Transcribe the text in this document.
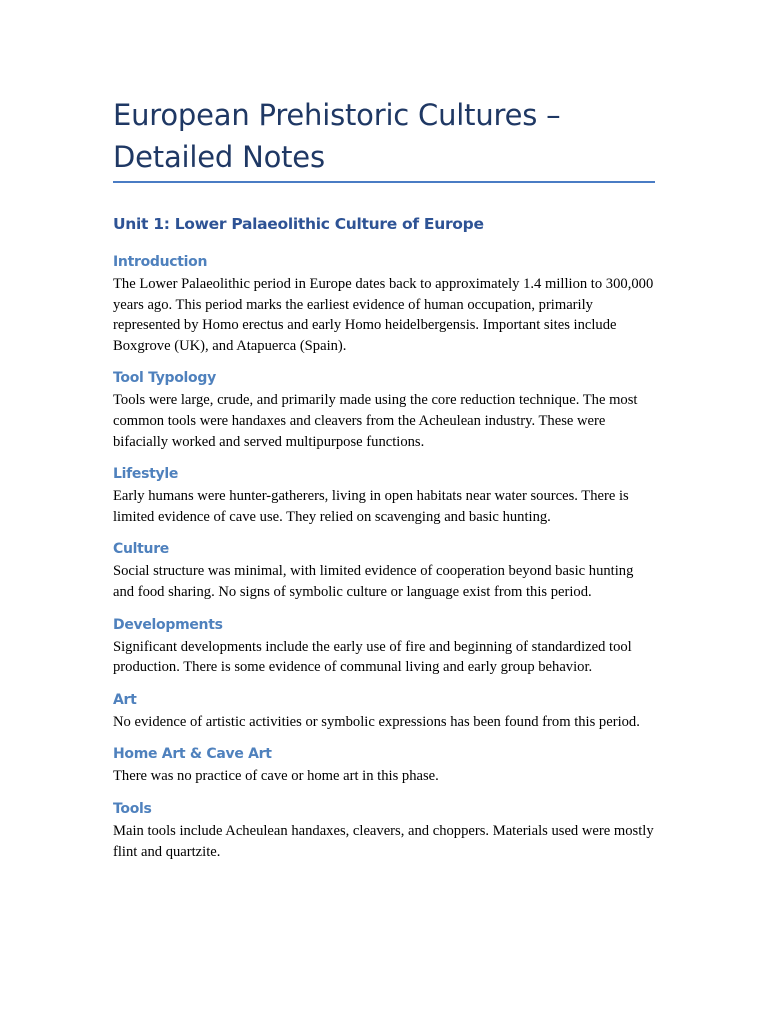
European Prehistoric Cultures –
Detailed Notes
Unit 1: Lower Palaeolithic Culture of Europe
Introduction

The Lower Palaeolithic period in Europe dates back to approximately 1.4 million to 300,000 years ago. This period marks the earliest evidence of human occupation, primarily represented by Homo erectus and early Homo heidelbergensis. Important sites include Boxgrove (UK), and Atapuerca (Spain).

Tool Typology

Tools were large, crude, and primarily made using the core reduction technique. The most common tools were handaxes and cleavers from the Acheulean industry. These were bifacially worked and served multipurpose functions.

Lifestyle

Early humans were hunter-gatherers, living in open habitats near water sources. There is limited evidence of cave use. They relied on scavenging and basic hunting.

Culture

Social structure was minimal, with limited evidence of cooperation beyond basic hunting and food sharing. No signs of symbolic culture or language exist from this period.

Developments

Significant developments include the early use of fire and beginning of standardized tool production. There is some evidence of communal living and early group behavior.

Art

No evidence of artistic activities or symbolic expressions has been found from this period.

Home Art & Cave Art

There was no practice of cave or home art in this phase.

Tools

Main tools include Acheulean handaxes, cleavers, and choppers. Materials used were mostly flint and quartzite.
